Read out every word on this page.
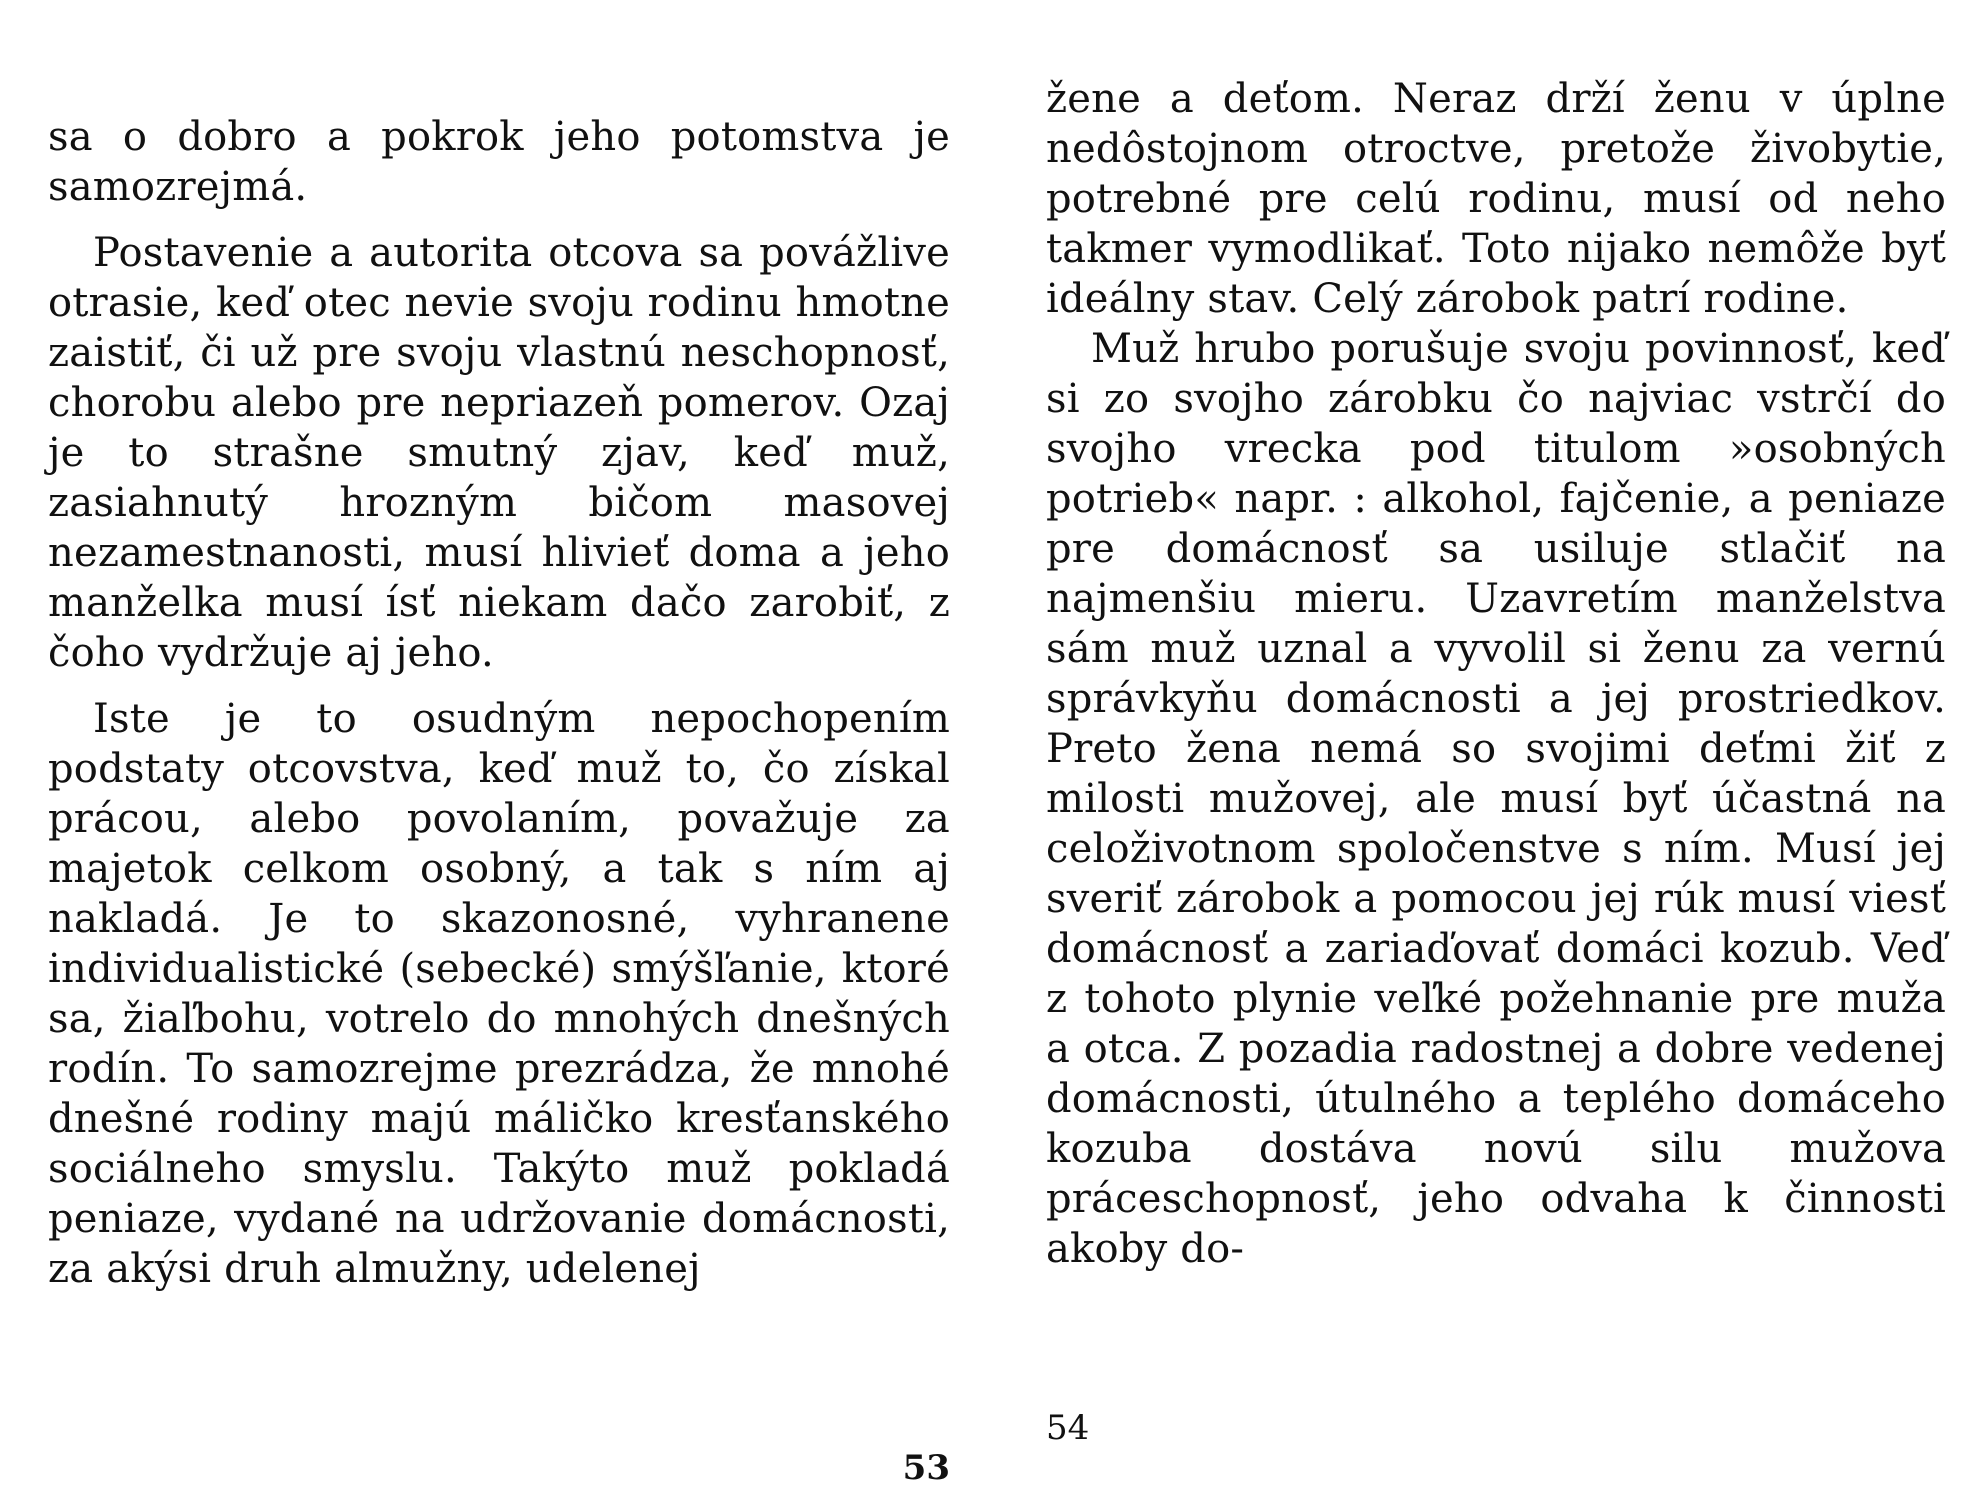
sa o dobro a pokrok jeho potomstva je samozrejmá.

Postavenie a autorita otcova sa povážlive otrasie, keď otec nevie svoju rodinu hmotne zaistiť, či už pre svoju vlastnú neschopnosť, chorobu alebo pre nepriazeň pomerov. Ozaj je to strašne smutný zjav, keď muž, zasiahnutý hrozným bičom masovej nezamestnanosti, musí hlivieť doma a jeho manželka musí ísť niekam dačo zarobiť, z čoho vydržuje aj jeho.

Iste je to osudným nepochopením podstaty otcovstva, keď muž to, čo získal prácou, alebo povolaním, považuje za majetok celkom osobný, a tak s ním aj nakladá. Je to skazonosné, vyhranene individualistické (sebecké) smýšľanie, ktoré sa, žiaľbohu, votrelo do mnohých dnešných rodín. To samozrejme prezrádza, že mnohé dnešné rodiny majú máličko kresťanského sociálneho smyslu. Takýto muž pokladá peniaze, vydané na udržovanie domácnosti, za akýsi druh almužny, udelenej

53

žene a deťom. Neraz drží ženu v úplne nedôstojnom otroctve, pretože živobytie, potrebné pre celú rodinu, musí od neho takmer vymodlikať. Toto nijako nemôže byť ideálny stav. Celý zárobok patrí rodine.

Muž hrubo porušuje svoju povinnosť, keď si zo svojho zárobku čo najviac vstrčí do svojho vrecka pod titulom »osobných potrieb« napr. : alkohol, fajčenie, a peniaze pre domácnosť sa usiluje stlačiť na najmenšiu mieru. Uzavretím manželstva sám muž uznal a vyvolil si ženu za vernú správkyňu domácnosti a jej prostriedkov. Preto žena nemá so svojimi deťmi žiť z milosti mužovej, ale musí byť účastná na celoživotnom spoločenstve s ním. Musí jej sveriť zárobok a pomocou jej rúk musí viesť domácnosť a zariaďovať domáci kozub. Veď z tohoto plynie veľké požehnanie pre muža a otca. Z pozadia radostnej a dobre vedenej domácnosti, útulného a teplého domáceho kozuba dostáva novú silu mužova práceschopnosť, jeho odvaha k činnosti akoby do-

54
